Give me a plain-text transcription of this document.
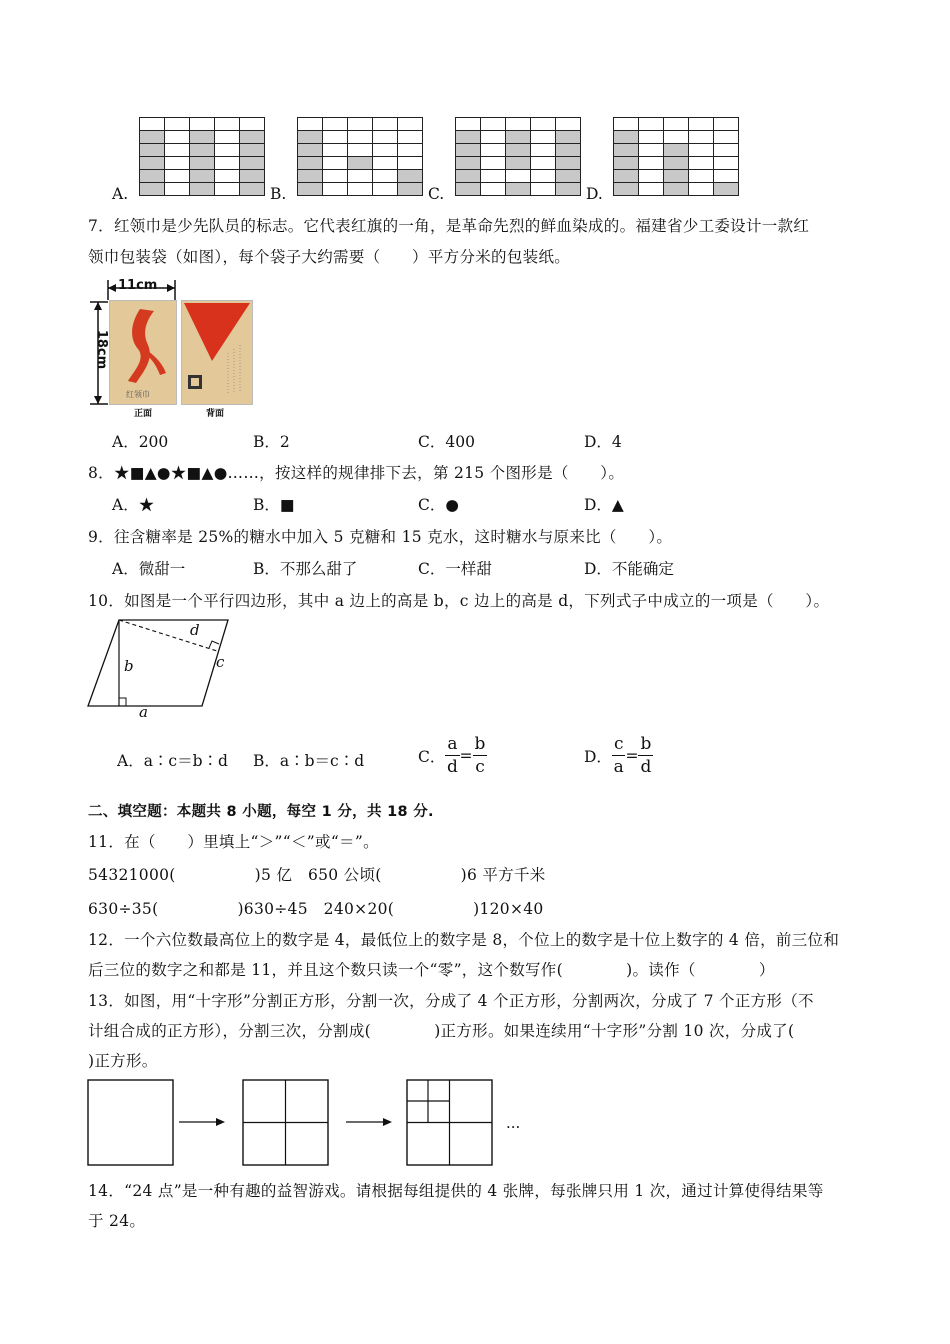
A.	B.	C.	D.
7．红领巾是少先队员的标志。它代表红旗的一角，是革命先烈的鲜血染成的。福建省少工委设计一款红
领巾包装袋（如图），每个袋子大约需要（　　）平方分米的包装纸。
11cm
18cm
红领巾
正面	背面
A．200	B．2	C．400	D．4
8．★■▲●★■▲●……，按这样的规律排下去，第 215 个图形是（　　）。
A．★	B．■	C．●	D．▲
9．往含糖率是 25%的糖水中加入 5 克糖和 15 克水，这时糖水与原来比（　　）。
A．微甜一	B．不那么甜了	C．一样甜	D．不能确定
10．如图是一个平行四边形，其中 a 边上的高是 b，c 边上的高是 d，下列式子中成立的一项是（　　）。
d
b	c
a
A．a∶c＝b∶d B．a∶b＝c∶d	C． $\frac{a}{d} = \frac{b}{c}$	D． $\frac{c}{a} = \frac{b}{d}$
二、填空题：本题共 8 小题，每空 1 分，共 18 分.
11．在（　　）里填上“＞”“＜”或“＝”。
54321000(　　　　　)5 亿　650 公顷(　　　　　)6 平方千米
630÷35(　　　　　)630÷45　240×20(　　　　　)120×40
12．一个六位数最高位上的数字是 4，最低位上的数字是 8，个位上的数字是十位上数字的 4 倍，前三位和
后三位的数字之和都是 11，并且这个数只读一个“零”，这个数写作(　　　　)。读作（　　　　）
13．如图，用“十字形”分割正方形，分割一次，分成了 4 个正方形，分割两次，分成了 7 个正方形（不
计组合成的正方形），分割三次，分割成(　　　　)正方形。如果连续用“十字形”分割 10 次，分成了(
)正方形。
...
14．“24 点”是一种有趣的益智游戏。请根据每组提供的 4 张牌，每张牌只用 1 次，通过计算使得结果等
于 24。
